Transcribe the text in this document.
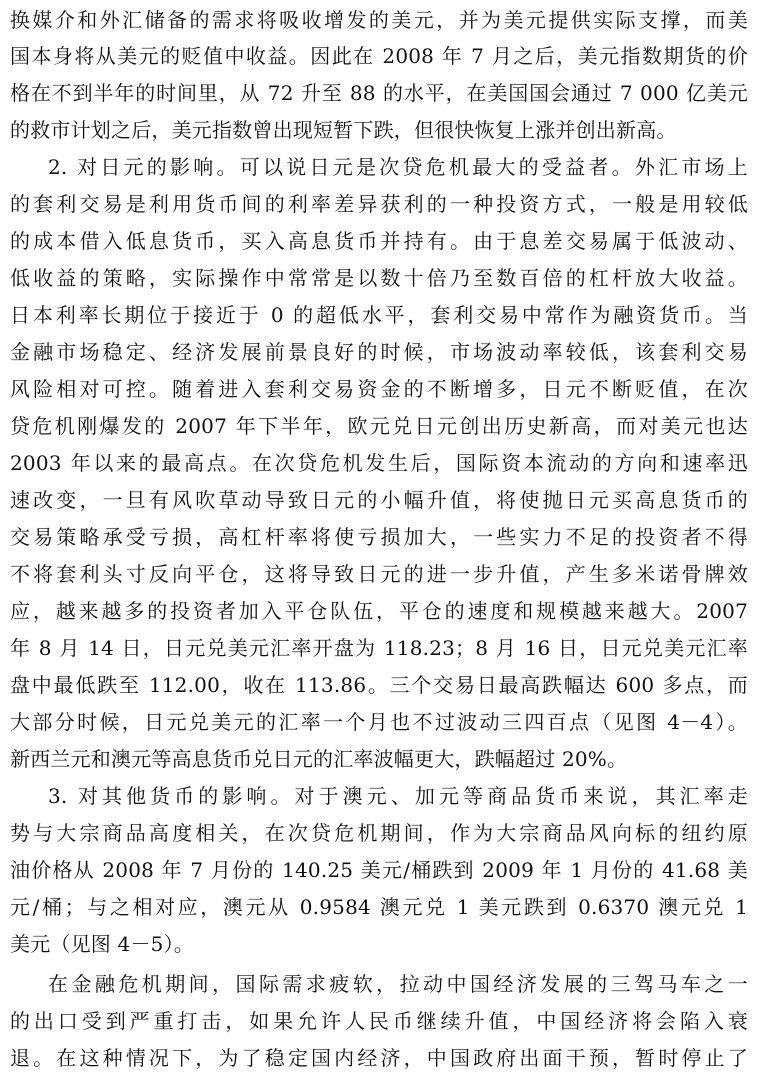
换媒介和外汇储备的需求将吸收增发的美元，并为美元提供实际支撑，而美
国本身将从美元的贬值中收益。因此在 2008 年 7 月之后，美元指数期货的价
格在不到半年的时间里，从 72 升至 88 的水平，在美国国会通过 7 000 亿美元
的救市计划之后，美元指数曾出现短暂下跌，但很快恢复上涨并创出新高。
2. 对日元的影响。可以说日元是次贷危机最大的受益者。外汇市场上
的套利交易是利用货币间的利率差异获利的一种投资方式，一般是用较低
的成本借入低息货币，买入高息货币并持有。由于息差交易属于低波动、
低收益的策略，实际操作中常常是以数十倍乃至数百倍的杠杆放大收益。
日本利率长期位于接近于 0 的超低水平，套利交易中常作为融资货币。当
金融市场稳定、经济发展前景良好的时候，市场波动率较低，该套利交易
风险相对可控。随着进入套利交易资金的不断增多，日元不断贬值，在次
贷危机刚爆发的 2007 年下半年，欧元兑日元创出历史新高，而对美元也达
2003 年以来的最高点。在次贷危机发生后，国际资本流动的方向和速率迅
速改变，一旦有风吹草动导致日元的小幅升值，将使抛日元买高息货币的
交易策略承受亏损，高杠杆率将使亏损加大，一些实力不足的投资者不得
不将套利头寸反向平仓，这将导致日元的进一步升值，产生多米诺骨牌效
应，越来越多的投资者加入平仓队伍，平仓的速度和规模越来越大。2007
年 8 月 14 日，日元兑美元汇率开盘为 118.23；8 月 16 日，日元兑美元汇率
盘中最低跌至 112.00，收在 113.86。三个交易日最高跌幅达 600 多点，而
大部分时候，日元兑美元的汇率一个月也不过波动三四百点（见图 4－4）。
新西兰元和澳元等高息货币兑日元的汇率波幅更大，跌幅超过 20%。
3. 对其他货币的影响。对于澳元、加元等商品货币来说，其汇率走
势与大宗商品高度相关，在次贷危机期间，作为大宗商品风向标的纽约原
油价格从 2008 年 7 月份的 140.25 美元/桶跌到 2009 年 1 月份的 41.68 美
元/桶；与之相对应，澳元从 0.9584 澳元兑 1 美元跌到 0.6370 澳元兑 1
美元（见图 4－5）。
在金融危机期间，国际需求疲软，拉动中国经济发展的三驾马车之一
的出口受到严重打击，如果允许人民币继续升值，中国经济将会陷入衰
退。在这种情况下，为了稳定国内经济，中国政府出面干预，暂时停止了
